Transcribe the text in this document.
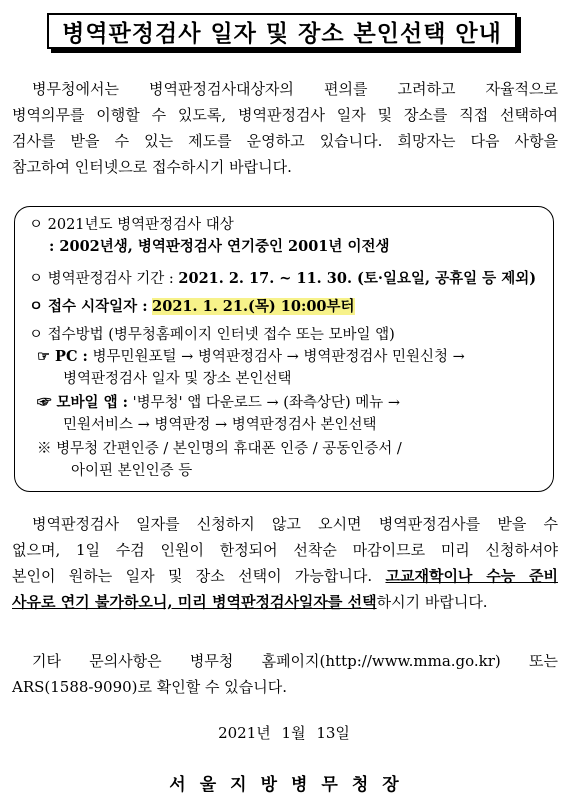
병역판정검사 일자 및 장소 본인선택 안내
병무청에서는 병역판정검사대상자의 편의를 고려하고 자율적으로
병역의무를 이행할 수 있도록, 병역판정검사 일자 및 장소를 직접 선택하여
검사를 받을 수 있는 제도를 운영하고 있습니다. 희망자는 다음 사항을
참고하여 인터넷으로 접수하시기 바랍니다.
ㅇ 2021년도 병역판정검사 대상
: 2002년생, 병역판정검사 연기중인 2001년 이전생
ㅇ 병역판정검사 기간 : 2021. 2. 17. ~ 11. 30. (토·일요일, 공휴일 등 제외)
ㅇ 접수 시작일자 : 2021. 1. 21.(목) 10:00부터
ㅇ 접수방법 (병무청홈페이지 인터넷 접수 또는 모바일 앱)
☞ PC : 병무민원포털 → 병역판정검사 → 병역판정검사 민원신청 →
병역판정검사 일자 및 장소 본인선택
☞ 모바일 앱 : '병무청' 앱 다운로드 → (좌측상단) 메뉴 →
민원서비스 → 병역판정 → 병역판정검사 본인선택
※ 병무청 간편인증 / 본인명의 휴대폰 인증 / 공동인증서 /
아이핀 본인인증 등
병역판정검사 일자를 신청하지 않고 오시면 병역판정검사를 받을 수
없으며, 1일 수검 인원이 한정되어 선착순 마감이므로 미리 신청하셔야
본인이 원하는 일자 및 장소 선택이 가능합니다. 고교재학이나 수능 준비
사유로 연기 불가하오니, 미리 병역판정검사일자를 선택하시기 바랍니다.
기타 문의사항은 병무청 홈페이지(http://www.mma.go.kr) 또는
ARS(1588-9090)로 확인할 수 있습니다.
2021년 1월 13일
서울지방병무청장
